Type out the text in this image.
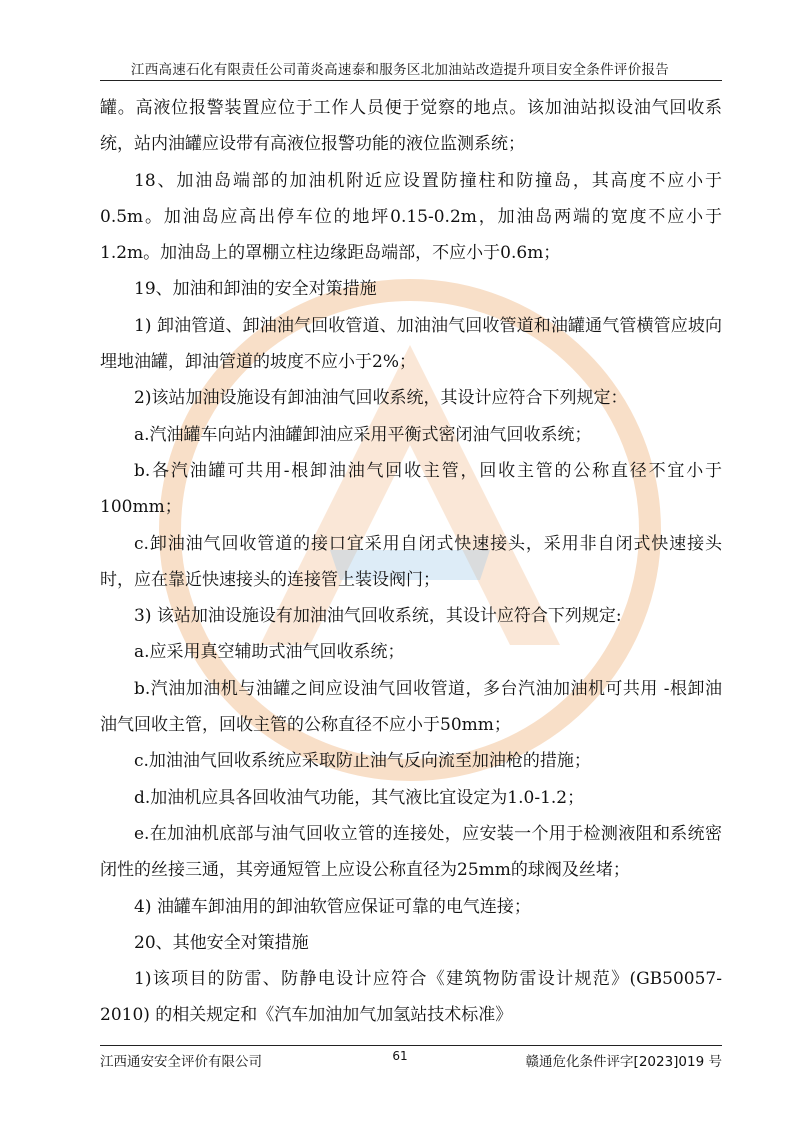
江西高速石化有限责任公司莆炎高速泰和服务区北加油站改造提升项目安全条件评价报告

罐。高液位报警装置应位于工作人员便于觉察的地点。该加油站拟设油气回收系统，站内油罐应设带有高液位报警功能的液位监测系统；

18、加油岛端部的加油机附近应设置防撞柱和防撞岛，其高度不应小于0.5m。加油岛应高出停车位的地坪0.15-0.2m，加油岛两端的宽度不应小于1.2m。加油岛上的罩棚立柱边缘距岛端部，不应小于0.6m；

19、加油和卸油的安全对策措施

1) 卸油管道、卸油油气回收管道、加油油气回收管道和油罐通气管横管应坡向埋地油罐，卸油管道的坡度不应小于2%；

2)该站加油设施设有卸油油气回收系统，其设计应符合下列规定：

a.汽油罐车向站内油罐卸油应采用平衡式密闭油气回收系统；

b.各汽油罐可共用-根卸油油气回收主管，回收主管的公称直径不宜小于100mm；

c.卸油油气回收管道的接口宜采用自闭式快速接头，采用非自闭式快速接头时，应在靠近快速接头的连接管上装设阀门；

3) 该站加油设施设有加油油气回收系统，其设计应符合下列规定:

a.应采用真空辅助式油气回收系统；

b.汽油加油机与油罐之间应设油气回收管道，多台汽油加油机可共用 -根卸油油气回收主管，回收主管的公称直径不应小于50mm；

c.加油油气回收系统应采取防止油气反向流至加油枪的措施；

d.加油机应具各回收油气功能，其气液比宜设定为1.0-1.2；

e.在加油机底部与油气回收立管的连接处，应安装一个用于检测液阻和系统密闭性的丝接三通，其旁通短管上应设公称直径为25mm的球阀及丝堵；

4) 油罐车卸油用的卸油软管应保证可靠的电气连接；

20、其他安全对策措施

1)该项目的防雷、防静电设计应符合《建筑物防雷设计规范》(GB50057-2010) 的相关规定和《汽车加油加气加氢站技术标准》

江西通安安全评价有限公司	61	赣通危化条件评字[2023]019 号
